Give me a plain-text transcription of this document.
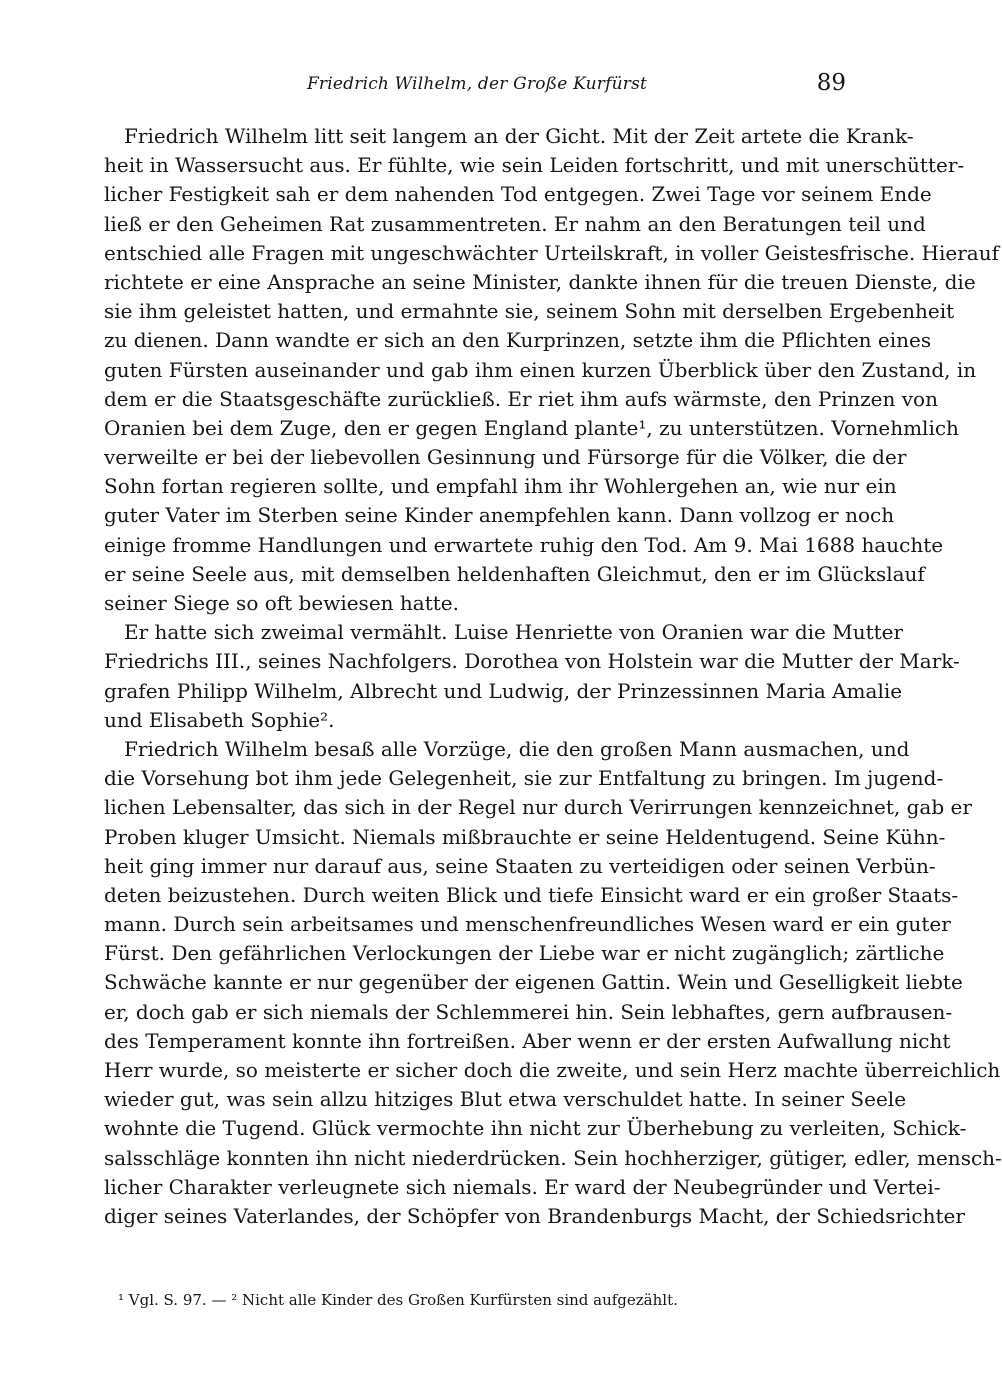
Friedrich Wilhelm, der Große Kurfürst	89
Friedrich Wilhelm litt seit langem an der Gicht. Mit der Zeit artete die Krank-
heit in Wassersucht aus. Er fühlte, wie sein Leiden fortschritt, und mit unerschütter-
licher Festigkeit sah er dem nahenden Tod entgegen. Zwei Tage vor seinem Ende
ließ er den Geheimen Rat zusammentreten. Er nahm an den Beratungen teil und
entschied alle Fragen mit ungeschwächter Urteilskraft, in voller Geistesfrische. Hierauf
richtete er eine Ansprache an seine Minister, dankte ihnen für die treuen Dienste, die
sie ihm geleistet hatten, und ermahnte sie, seinem Sohn mit derselben Ergebenheit
zu dienen. Dann wandte er sich an den Kurprinzen, setzte ihm die Pflichten eines
guten Fürsten auseinander und gab ihm einen kurzen Überblick über den Zustand, in
dem er die Staatsgeschäfte zurückließ. Er riet ihm aufs wärmste, den Prinzen von
Oranien bei dem Zuge, den er gegen England plante¹, zu unterstützen. Vornehmlich
verweilte er bei der liebevollen Gesinnung und Fürsorge für die Völker, die der
Sohn fortan regieren sollte, und empfahl ihm ihr Wohlergehen an, wie nur ein
guter Vater im Sterben seine Kinder anempfehlen kann. Dann vollzog er noch
einige fromme Handlungen und erwartete ruhig den Tod. Am 9. Mai 1688 hauchte
er seine Seele aus, mit demselben heldenhaften Gleichmut, den er im Glückslauf
seiner Siege so oft bewiesen hatte.
Er hatte sich zweimal vermählt. Luise Henriette von Oranien war die Mutter
Friedrichs III., seines Nachfolgers. Dorothea von Holstein war die Mutter der Mark-
grafen Philipp Wilhelm, Albrecht und Ludwig, der Prinzessinnen Maria Amalie
und Elisabeth Sophie².
Friedrich Wilhelm besaß alle Vorzüge, die den großen Mann ausmachen, und
die Vorsehung bot ihm jede Gelegenheit, sie zur Entfaltung zu bringen. Im jugend-
lichen Lebensalter, das sich in der Regel nur durch Verirrungen kennzeichnet, gab er
Proben kluger Umsicht. Niemals mißbrauchte er seine Heldentugend. Seine Kühn-
heit ging immer nur darauf aus, seine Staaten zu verteidigen oder seinen Verbün-
deten beizustehen. Durch weiten Blick und tiefe Einsicht ward er ein großer Staats-
mann. Durch sein arbeitsames und menschenfreundliches Wesen ward er ein guter
Fürst. Den gefährlichen Verlockungen der Liebe war er nicht zugänglich; zärtliche
Schwäche kannte er nur gegenüber der eigenen Gattin. Wein und Geselligkeit liebte
er, doch gab er sich niemals der Schlemmerei hin. Sein lebhaftes, gern aufbrausen-
des Temperament konnte ihn fortreißen. Aber wenn er der ersten Aufwallung nicht
Herr wurde, so meisterte er sicher doch die zweite, und sein Herz machte überreichlich
wieder gut, was sein allzu hitziges Blut etwa verschuldet hatte. In seiner Seele
wohnte die Tugend. Glück vermochte ihn nicht zur Überhebung zu verleiten, Schick-
salsschläge konnten ihn nicht niederdrücken. Sein hochherziger, gütiger, edler, mensch-
licher Charakter verleugnete sich niemals. Er ward der Neubegründer und Vertei-
diger seines Vaterlandes, der Schöpfer von Brandenburgs Macht, der Schiedsrichter
¹ Vgl. S. 97. — ² Nicht alle Kinder des Großen Kurfürsten sind aufgezählt.
